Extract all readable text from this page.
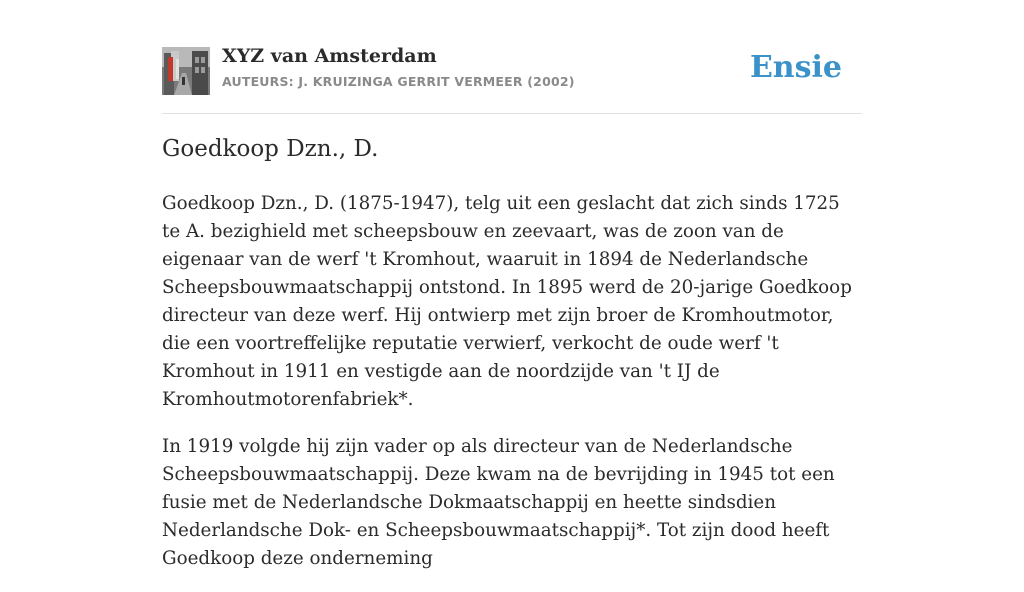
XYZ van Amsterdam
AUTEURS: J. KRUIZINGA GERRIT VERMEER (2002)	Ensie
Goedkoop Dzn., D.

Goedkoop Dzn., D. (1875-1947), telg uit een geslacht dat zich sinds 1725 te A. bezighield met scheepsbouw en zeevaart, was de zoon van de eigenaar van de werf 't Kromhout, waaruit in 1894 de Nederlandsche Scheepsbouwmaatschappij ontstond. In 1895 werd de 20-jarige Goedkoop directeur van deze werf. Hij ontwierp met zijn broer de Kromhoutmotor, die een voortreffelijke reputatie verwierf, verkocht de oude werf 't Kromhout in 1911 en vestigde aan de noordzijde van 't IJ de Kromhoutmotorenfabriek*.

In 1919 volgde hij zijn vader op als directeur van de Nederlandsche Scheepsbouwmaatschappij. Deze kwam na de bevrijding in 1945 tot een fusie met de Nederlandsche Dokmaatschappij en heette sindsdien Nederlandsche Dok- en Scheepsbouwmaatschappij*. Tot zijn dood heeft Goedkoop deze onderneming
